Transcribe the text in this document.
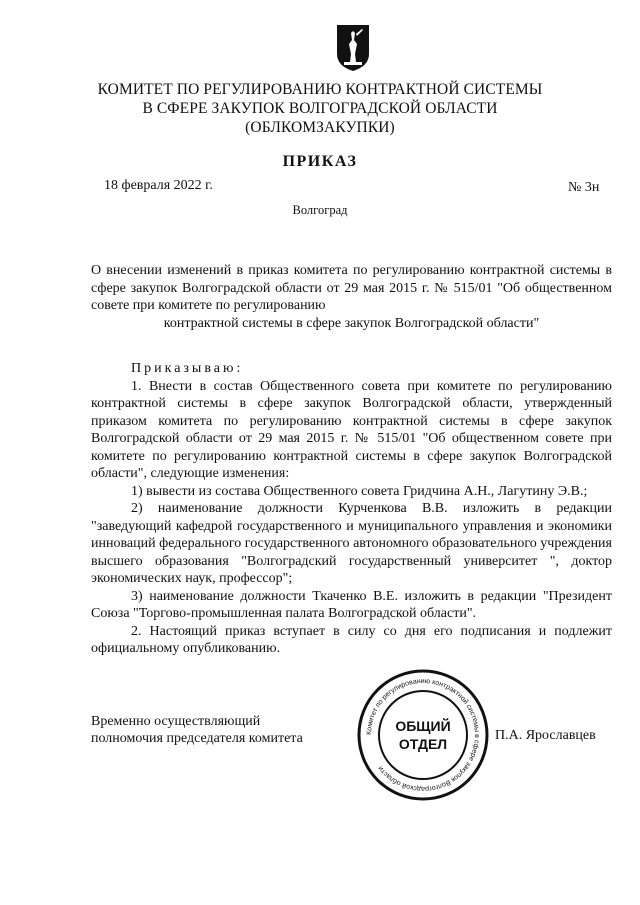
КОМИТЕТ ПО РЕГУЛИРОВАНИЮ КОНТРАКТНОЙ СИСТЕМЫ
В СФЕРЕ ЗАКУПОК ВОЛГОГРАДСКОЙ ОБЛАСТИ
(ОБЛКОМЗАКУПКИ)
ПРИКАЗ
18 февраля 2022 г.	№ 3н
Волгоград
О внесении изменений в приказ комитета по регулированию контрактной системы в сфере закупок Волгоградской области от 29 мая 2015 г. № 515/01 "Об общественном совете при комитете по регулированию
контрактной системы в сфере закупок Волгоградской области"

Приказываю:

1. Внести в состав Общественного совета при комитете по регулированию контрактной системы в сфере закупок Волгоградской области, утвержденный приказом комитета по регулированию контрактной системы в сфере закупок Волгоградской области от 29 мая 2015 г. № 515/01 "Об общественном совете при комитете по регулированию контрактной системы в сфере закупок Волгоградской области", следующие изменения:

1) вывести из состава Общественного совета Гридчина А.Н., Лагутину Э.В.;

2) наименование должности Курченкова В.В. изложить в редакции "заведующий кафедрой государственного и муниципального управления и экономики инноваций федерального государственного автономного образовательного учреждения высшего образования "Волгоградский государственный университет ", доктор экономических наук, профессор";

3) наименование должности Ткаченко В.Е. изложить в редакции "Президент Союза "Торгово-промышленная палата Волгоградской области".

2. Настоящий приказ вступает в силу со дня его подписания и подлежит официальному опубликованию.

Временно осуществляющий
полномочия председателя комитета	Комитет по регулированию контрактной системы в сфере закупок Волгоградской области
ОБЩИЙ
ОТДЕЛ
П.А. Ярославцев
